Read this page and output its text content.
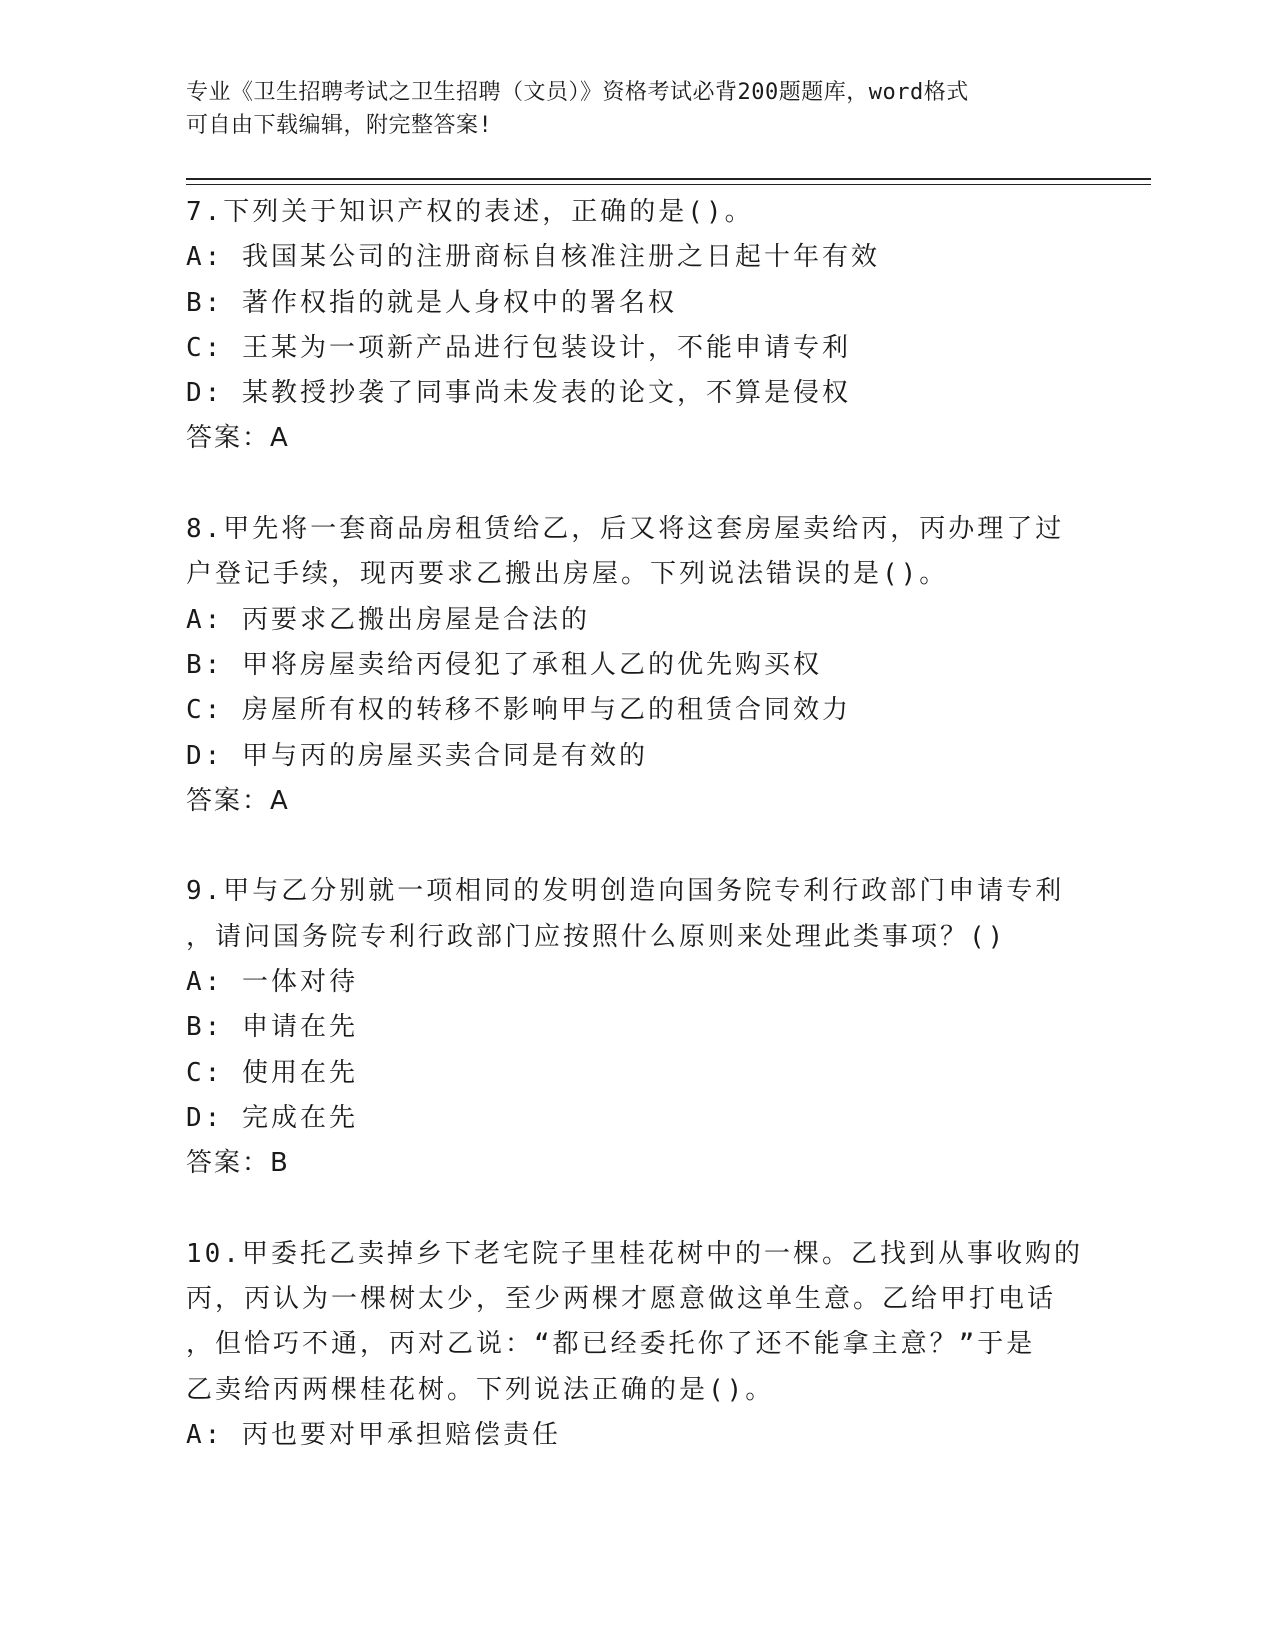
专业《卫生招聘考试之卫生招聘（文员）》资格考试必背200题题库，word格式
可自由下载编辑，附完整答案!
7.下列关于知识产权的表述，正确的是()。
A: 我国某公司的注册商标自核准注册之日起十年有效
B: 著作权指的就是人身权中的署名权
C: 王某为一项新产品进行包装设计，不能申请专利
D: 某教授抄袭了同事尚未发表的论文，不算是侵权
答案：A
8.甲先将一套商品房租赁给乙，后又将这套房屋卖给丙，丙办理了过
户登记手续，现丙要求乙搬出房屋。下列说法错误的是()。
A: 丙要求乙搬出房屋是合法的
B: 甲将房屋卖给丙侵犯了承租人乙的优先购买权
C: 房屋所有权的转移不影响甲与乙的租赁合同效力
D: 甲与丙的房屋买卖合同是有效的
答案：A
9.甲与乙分别就一项相同的发明创造向国务院专利行政部门申请专利
，请问国务院专利行政部门应按照什么原则来处理此类事项？()
A: 一体对待
B: 申请在先
C: 使用在先
D: 完成在先
答案：B
10.甲委托乙卖掉乡下老宅院子里桂花树中的一棵。乙找到从事收购的
丙，丙认为一棵树太少，至少两棵才愿意做这单生意。乙给甲打电话
，但恰巧不通，丙对乙说：“都已经委托你了还不能拿主意？”于是
乙卖给丙两棵桂花树。下列说法正确的是()。
A: 丙也要对甲承担赔偿责任
